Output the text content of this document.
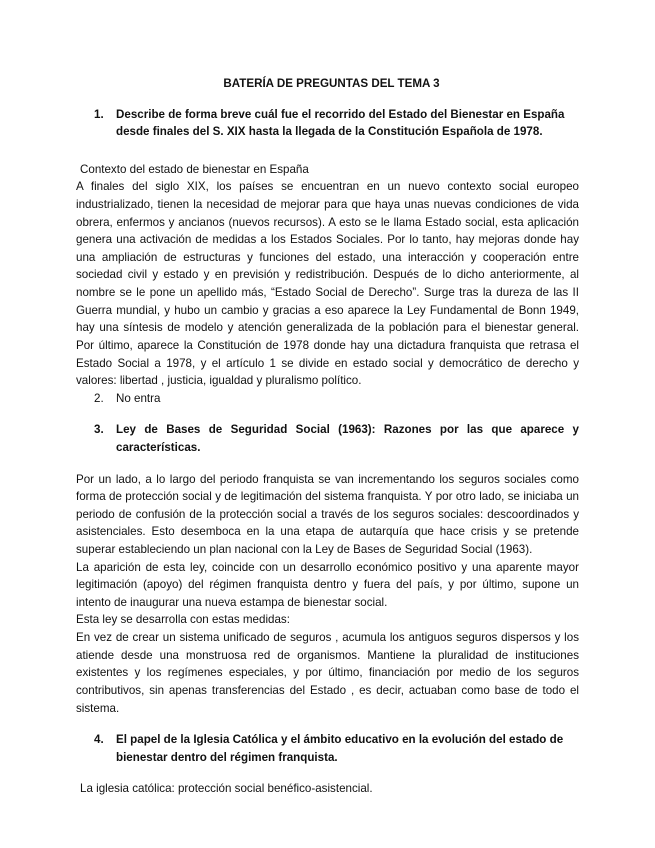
BATERÍA DE PREGUNTAS DEL TEMA 3
1.	Describe de forma breve cuál fue el recorrido del Estado del Bienestar en España desde finales del S. XIX hasta la llegada de la Constitución Española de 1978.

Contexto del estado de bienestar en España

A finales del siglo XIX, los países se encuentran en un nuevo contexto social europeo industrializado, tienen la necesidad de mejorar para que haya unas nuevas condiciones de vida obrera, enfermos y ancianos (nuevos recursos). A esto se le llama Estado social, esta aplicación genera una activación de medidas a los Estados Sociales. Por lo tanto, hay mejoras donde hay una ampliación de estructuras y funciones del estado, una interacción y cooperación entre sociedad civil y estado y en previsión y redistribución. Después de lo dicho anteriormente, al nombre se le pone un apellido más, “Estado Social de Derecho”. Surge tras la dureza de las II Guerra mundial, y hubo un cambio y gracias a eso aparece la Ley Fundamental de Bonn 1949, hay una síntesis de modelo y atención generalizada de la población para el bienestar general. Por último, aparece la Constitución de 1978 donde hay una dictadura franquista que retrasa el Estado Social a 1978, y el artículo 1 se divide en estado social y democrático de derecho y valores: libertad , justicia, igualdad y pluralismo político.

2.	No entra
3.	Ley de Bases de Seguridad Social (1963): Razones por las que aparece y características.

Por un lado, a lo largo del periodo franquista se van incrementando los seguros sociales como forma de protección social y de legitimación del sistema franquista. Y por otro lado, se iniciaba un periodo de confusión de la protección social a través de los seguros sociales: descoordinados y asistenciales. Esto desemboca en la una etapa de autarquía que hace crisis y se pretende superar estableciendo un plan nacional con la Ley de Bases de Seguridad Social (1963).

La aparición de esta ley, coincide con un desarrollo económico positivo y una aparente mayor legitimación (apoyo) del régimen franquista dentro y fuera del país, y por último, supone un intento de inaugurar una nueva estampa de bienestar social.

Esta ley se desarrolla con estas medidas:

En vez de crear un sistema unificado de seguros , acumula los antiguos seguros dispersos y los atiende desde una monstruosa red de organismos. Mantiene la pluralidad de instituciones existentes y los regímenes especiales, y por último, financiación por medio de los seguros contributivos, sin apenas transferencias del Estado , es decir, actuaban como base de todo el sistema.

4.	El papel de la Iglesia Católica y el ámbito educativo en la evolución del estado de bienestar dentro del régimen franquista.

La iglesia católica: protección social benéfico-asistencial.
